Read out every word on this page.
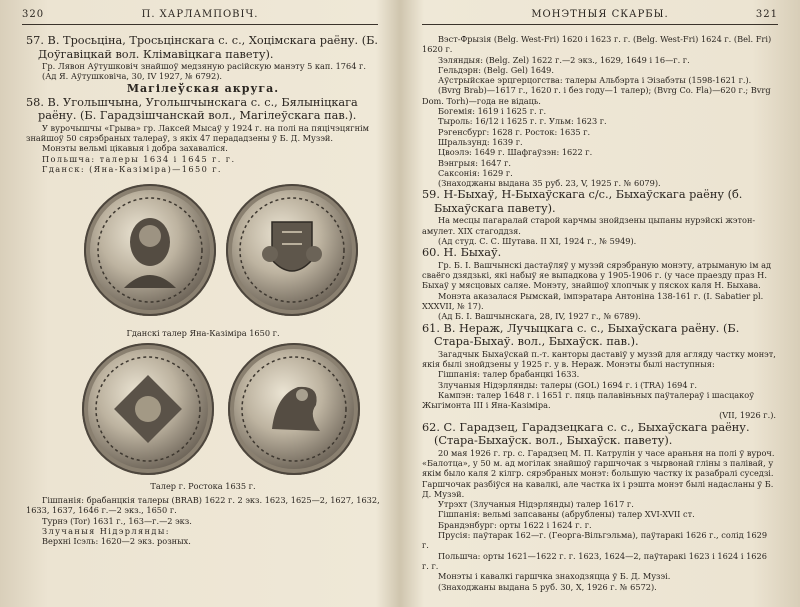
320	П. ХАРЛАМПОВІЧ.

57. В. Тросьціна, Тросьцінскага с. с., Хоцімскага раёну. (Б. Доўгавіцкай вол. Клімавіцкага павету).

Гр. Лявон Аўтушковіч знайшоў медзяную расійскую манэту 5 кап. 1764 г.

(Ад Я. Аўтушковіча, 30, IV 1927, № 6792).

Магілеўская акруга.

58. В. Угольшчына, Угольшчынскага с. с., Бялыніцкага раёну. (Б. Гарадзішчанскай вол., Магілеўскага пав.).

У вурочышчы «Грыва» гр. Лаксей Мысаў у 1924 г. на полі на пяцічэцягнім знайшоў 50 сярэбраных талераў, з якіх 47 перададзены ў Б. Д. Музэй.

Монэты вельмі цікавыя і добра захаваліся.

Польшча: талеры 1634 і 1645 г. г.

Гданск: (Яна-Казіміра)—1650 г.

Гданскі талер Яна-Казіміра 1650 г.

Талер г. Ростока 1635 г.

Гішпанія: брабанцкія талеры (BRAB) 1622 г. 2 экз. 1623, 1625—2, 1627, 1632, 1633, 1637, 1646 г.—2 экз., 1650 г.

Турнэ (Tor) 1631 г., 163—г.—2 экз.

Злучаныя Нідэрлянды:

Верхні Ісэль: 1620—2 экз. розных.

МОНЭТНЫЯ СКАРБЫ.	321

Вэст-Фрызія (Belg. West-Fri) 1620 і 1623 г. г. (Belg. West-Fri) 1624 г. (Bel. Fri) 1620 г.

Зэляндыя: (Belg. Zel) 1622 г.—2 экз., 1629, 1649 і 16—г. г.

Гельдэрн: (Belg. Gel) 1649.

Аўстрыйскае эрцгерцогства: талеры Альбэрта і Эізабэты (1598-1621 г.).

(Bvrg Brab)—1617 г., 1620 г. і без году—1 талер); (Bvrg Co. Fla)—620 г.; Bvrg Dom. Torh)—года не відаць.

Богемія: 1619 і 1625 г. г.

Тыроль: 16/12 і 1625 г. г. Ульм: 1623 г.

Рэгенсбург: 1628 г. Росток: 1635 г.

Шральзунд: 1639 г.

Цвоэлэ: 1649 г. Шафгаўзэн: 1622 г.

Вэнгрыя: 1647 г.

Саксонія: 1629 г.

(Знаходжаны выдана 35 руб. 23, V, 1925 г. № 6079).

59. Н-Быхаў, Н-Быхаўскага с/с., Быхаўскага раёну (б. Быхаўскага павету).

На месцы пагаралай старой карчмы знойдзены цыпаны нурэйскі жэтон-амулет. XIX стагоддзя.

(Ад студ. С. С. Шутава. II XI, 1924 г., № 5949).

60. Н. Быхаў.

Гр. Б. І. Вашчынскі дастаўляў у музэй сярэбраную монэту, атрыманую ім ад сваёго дзядзькі, які набыў яе выпадкова у 1905-1906 г. (у часе праезду праз Н. Быхаў у мясцовых саляе. Монэту, знайшоў хлопчык у пяскох каля Н. Быхава.

Монэта аказалася Рымскай, імпэратара Антоніна 138-161 г. (I. Sabatier pl. XXXVII, № 17).

(Ад Б. І. Вашчынскага, 28, IV, 1927 г., № 6789).

61. В. Нераж, Лучыцкага с. с., Быхаўскага раёну. (Б. Стара-Быхаў. вол., Быхаўск. пав.).

Загадчык Быхаўскай п.-т. канторы даставіў у музэй для агляду частку монэт, якія былі знойдзены у 1925 г. у в. Нераж. Монэты былі наступныя:

Гішпанія: талер брабанцкі 1633.

Злучаныя Нідэрлянды: талеры (GOL) 1694 г. і (TRA) 1694 г.

Кампэн: талер 1648 г. і 1651 г. пяць палавіньных паўталераў і шасцакоў Жыгімонта III і Яна-Казіміра.

(VII, 1926 г.).

62. С. Гарадзец, Гарадзецкага с. с., Быхаўскага раёну. (Стара-Быхаўск. вол., Быхаўск. павету).

20 мая 1926 г. гр. с. Гарадзец М. П. Катрулін у часе араньня на полі ў вуроч. «Балотца», у 50 м. ад могілак знайшоў гаршчочак з чырвонай гліны з палівай, у якім было каля 2 кілгр. сярэбраных монэт: большую частку іх разабралі суседзі. Гаршчочак разбіўся на кавалкі, але частка іх і рэшта монэт былі надасланы ў Б. Д. Музэй.

Утрэхт (Злучаныя Нідэрлянды) талер 1617 г.

Гішпанія: вельмі запсаваны (абрублены) талер XVI-XVII ст.

Брандэнбург: орты 1622 і 1624 г. г.

Прусія: паўтарак 162—г. (Георга-Вільгэльма), паўтаракі 1626 г., солід 1629 г.

Польшча: орты 1621—1622 г. г. 1623, 1624—2, паўтаракі 1623 і 1624 і 1626 г. г.

Монэты і кавалкі гаршчка знаходзяцца ў Б. Д. Музэі.

(Знаходжаны выдана 5 руб. 30, X, 1926 г. № 6572).
